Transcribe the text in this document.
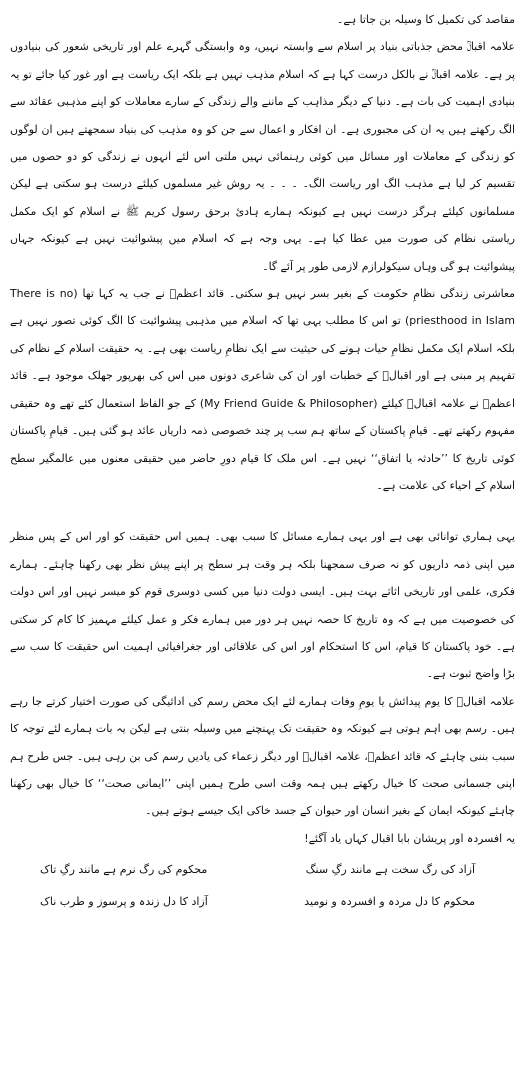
مقاصد کی تکمیل کا وسیلہ بن جاتا ہے۔

علامہ اقبالؒ محض جذباتی بنیاد پر اسلام سے وابستہ نہیں، وہ وابستگی گہرے علم اور تاریخی شعور کی بنیادوں پر ہے۔ علامہ اقبالؒ نے بالکل درست کہا ہے کہ اسلام مذہب نہیں ہے بلکہ ایک ریاست ہے اور غور کیا جائے تو یہ بنیادی اہمیت کی بات ہے۔ دنیا کے دیگر مذاہب کے ماننے والے زندگی کے سارے معاملات کو اپنے مذہبی عقائد سے الگ رکھتے ہیں یہ ان کی مجبوری ہے۔ ان افکار و اعمال سے جن کو وہ مذہب کی بنیاد سمجھتے ہیں ان لوگوں کو زندگی کے معاملات اور مسائل میں کوئی رہنمائی نہیں ملتی اس لئے انہوں نے زندگی کو دو حصوں میں تقسیم کر لیا ہے مذہب الگ اور ریاست الگ۔ ۔ ۔ ۔ یہ روش غیر مسلموں کیلئے درست ہو سکتی ہے لیکن مسلمانوں کیلئے ہرگز درست نہیں ہے کیونکہ ہمارے ہادیٔ برحق رسول کریم ﷺ نے اسلام کو ایک مکمل ریاستی نظام کی صورت میں عطا کیا ہے۔ یہی وجہ ہے کہ اسلام میں پیشوائیت نہیں ہے کیونکہ جہاں پیشوائیت ہو گی وہاں سیکولرازم لازمی طور پر آئے گا۔

معاشرتی زندگی نظامِ حکومت کے بغیر بسر نہیں ہو سکتی۔ قائد اعظمؒ نے جب یہ کہا تھا (There is no priesthood in Islam) تو اس کا مطلب یہی تھا کہ اسلام میں مذہبی پیشوائیت کا الگ کوئی تصور نہیں ہے بلکہ اسلام ایک مکمل نظامِ حیات ہونے کی حیثیت سے ایک نظامِ ریاست بھی ہے۔ یہ حقیقت اسلام کے نظام کی تفہیم پر مبنی ہے اور اقبالؒ کے خطبات اور ان کی شاعری دونوں میں اس کی بھرپور جھلک موجود ہے۔ قائد اعظمؒ نے علامہ اقبالؒ کیلئے (My Friend Guide & Philosopher) کے جو الفاظ استعمال کئے تھے وہ حقیقی مفہوم رکھتے تھے۔ قیامِ پاکستان کے ساتھ ہم سب پر چند خصوصی ذمہ داریاں عائد ہو گئی ہیں۔ قیامِ پاکستان کوئی تاریخ کا ’’حادثہ یا اتفاق‘‘ نہیں ہے۔ اس ملک کا قیام دورِ حاضر میں حقیقی معنوں میں عالمگیر سطح اسلام کے احیاء کی علامت ہے۔

یہی ہماری توانائی بھی ہے اور یہی ہمارے مسائل کا سبب بھی۔ ہمیں اس حقیقت کو اور اس کے پس منظر میں اپنی ذمہ داریوں کو نہ صرف سمجھنا بلکہ ہر وقت ہر سطح پر اپنے پیش نظر بھی رکھنا چاہئے۔ ہمارے فکری، علمی اور تاریخی اثاثے بہت ہیں۔ ایسی دولت دنیا میں کسی دوسری قوم کو میسر نہیں اور اس دولت کی خصوصیت میں ہے کہ وہ تاریخ کا حصہ نہیں ہر دور میں ہمارے فکر و عمل کیلئے مہمیز کا کام کر سکتی ہے۔ خود پاکستان کا قیام، اس کا استحکام اور اس کی علاقائی اور جغرافیائی اہمیت اس حقیقت کا سب سے بڑا واضح ثبوت ہے۔

علامہ اقبالؒ کا یوم پیدائش یا یومِ وفات ہمارے لئے ایک محض رسم کی ادائیگی کی صورت اختیار کرتے جا رہے ہیں۔ رسم بھی اہم ہوتی ہے کیونکہ وہ حقیقت تک پہنچنے میں وسیلہ بنتی ہے لیکن یہ بات ہمارے لئے توجہ کا سبب بننی چاہئے کہ قائد اعظمؒ، علامہ اقبالؒ اور دیگر زعماء کی یادیں رسم کی بن رہی ہیں۔ جس طرح ہم اپنی جسمانی صحت کا خیال رکھتے ہیں ہمہ وقت اسی طرح ہمیں اپنی ’’ایمانی صحت‘‘ کا خیال بھی رکھنا چاہئے کیونکہ ایمان کے بغیر انسان اور حیوان کے جسد خاکی ایک جیسے ہوتے ہیں۔

یہ افسردہ اور پریشان بابا اقبال کہاں یاد آگئے!

آزاد کی رگ سخت ہے مانند رگِ سنگ
محکوم کی رگ نرم ہے مانند رگِ تاک
محکوم کا دل مردہ و افسردہ و نومید
آزاد کا دل زندہ و پرسوز و طرب ناک
